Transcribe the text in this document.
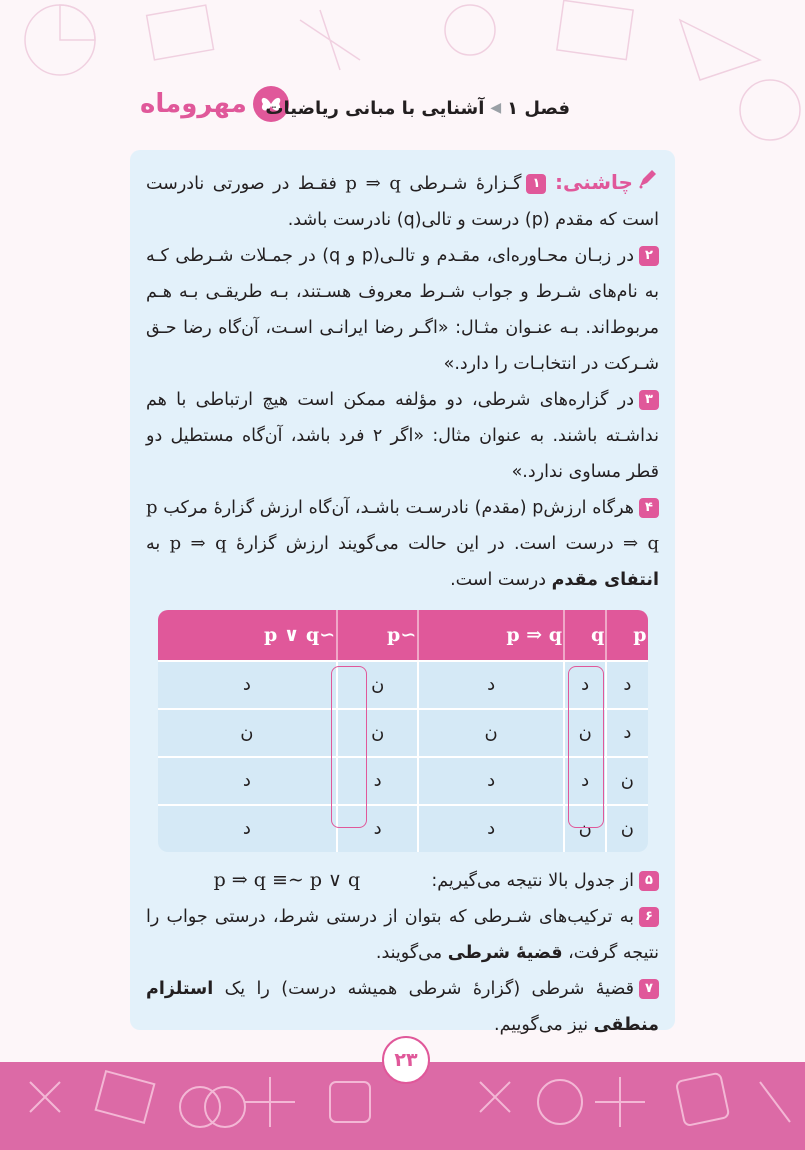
مهروماه	فصل ۱
◀
آشنایی با مبانی ریاضیات

چاشنی: ۱گـزارۀ شـرطی p ⇒ q فقـط در صورتی نادرست است که مقدم (p) درست و تالی(q) نادرست باشد.

۲در زبـان محـاوره‌ای، مقـدم و تالـی(p و q) در جمـلات شـرطی کـه به نام‌های شـرط و جواب شـرط معروف هسـتند، بـه طریقـی بـه هـم مربوط‌اند. بـه عنـوان مثـال: «اگـر رضا ایرانـی اسـت، آن‌گاه رضا حـق شـرکت در انتخابـات را دارد.»

۳در گزاره‌های شرطی، دو مؤلفه ممکن است هیچ ارتباطی با هم نداشـته باشند. به عنوان مثال: «اگر ۲ فرد باشد، آن‌گاه مستطیل دو قطر مساوی ندارد.»

۴هرگاه ارزش‌p (مقدم) نادرسـت باشـد، آن‌گاه ارزش گزارۀ مرکب p ⇒ q درست است. در این حالت می‌گویند ارزش گزارۀ p ⇒ q به انتفای مقدم درست است.

p	q	p ⇒ q	∼p	∼p ∨ q
د	د	د	ن	د
د	ن	ن	ن	ن
ن	د	د	د	د
ن	ن	د	د	د

۵از جدول بالا نتیجه می‌گیریم:  p ⇒ q ≡∼ p ∨ q

۶به ترکیب‌های شـرطی که بتوان از درستی شرط، درستی جواب را نتیجه گرفت، قضیۀ شرطی می‌گویند.

۷قضیۀ شرطی (گزارۀ شرطی همیشه درست) را یک استلزام منطقی نیز می‌گوییم.

۲۳
